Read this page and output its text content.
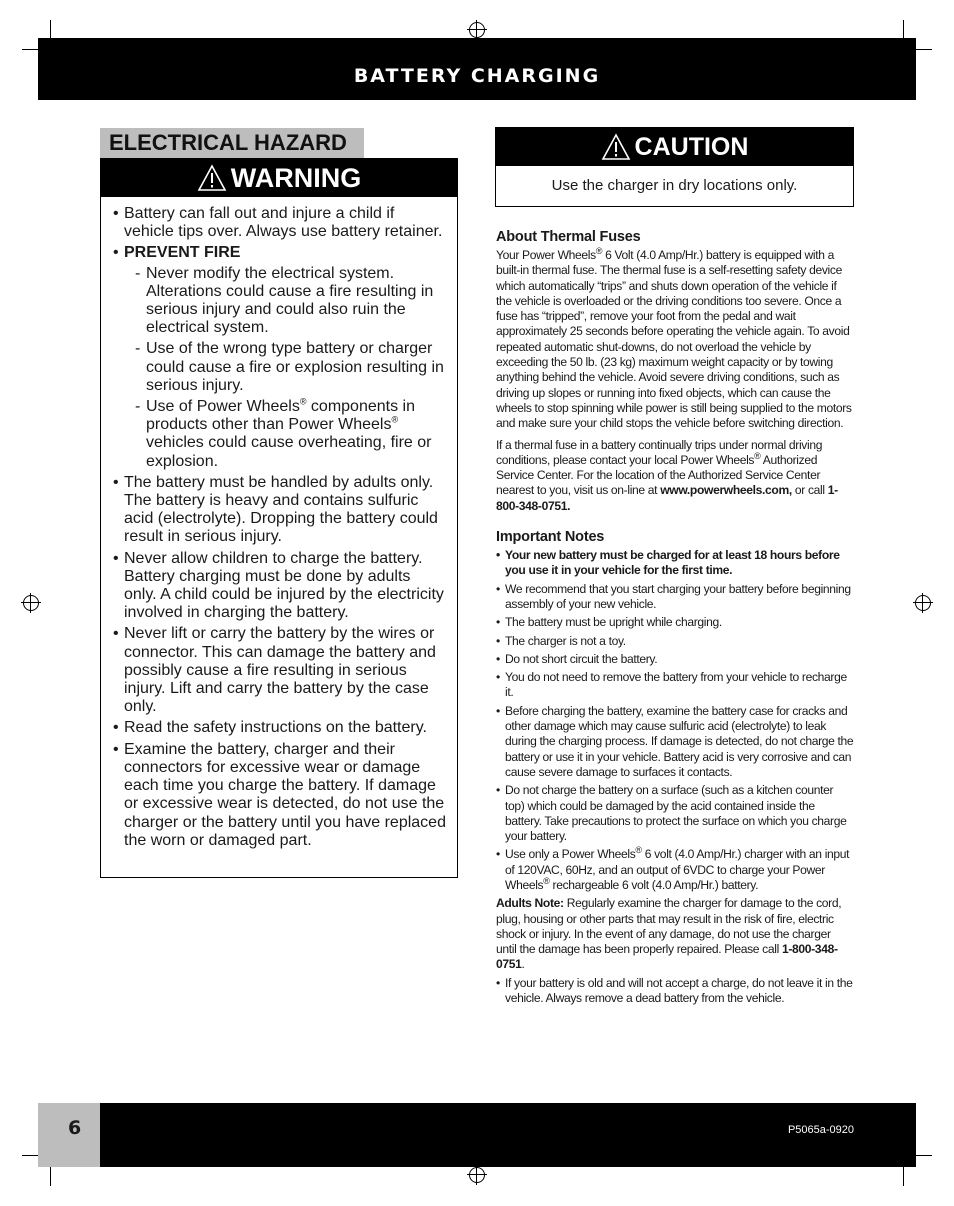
BATTERY CHARGING
ELECTRICAL HAZARD
WARNING
• Battery can fall out and injure a child if vehicle tips over. Always use battery retainer.
• PREVENT FIRE
- Never modify the electrical system. Alterations could cause a fire resulting in serious injury and could also ruin the electrical system.
- Use of the wrong type battery or charger could cause a fire or explosion resulting in serious injury.
- Use of Power Wheels® components in products other than Power Wheels® vehicles could cause overheating, fire or explosion.
• The battery must be handled by adults only. The battery is heavy and contains sulfuric acid (electrolyte). Dropping the battery could result in serious injury.
• Never allow children to charge the battery. Battery charging must be done by adults only. A child could be injured by the electricity involved in charging the battery.
• Never lift or carry the battery by the wires or connector. This can damage the battery and possibly cause a fire resulting in serious injury. Lift and carry the battery by the case only.
• Read the safety instructions on the battery.
• Examine the battery, charger and their connectors for excessive wear or damage each time you charge the battery. If damage or excessive wear is detected, do not use the charger or the battery until you have replaced the worn or damaged part.
CAUTION
Use the charger in dry locations only.
About Thermal Fuses

Your Power Wheels® 6 Volt (4.0 Amp/Hr.) battery is equipped with a built-in thermal fuse. The thermal fuse is a self-resetting safety device which automatically “trips” and shuts down operation of the vehicle if the vehicle is overloaded or the driving conditions too severe. Once a fuse has “tripped”, remove your foot from the pedal and wait approximately 25 seconds before operating the vehicle again. To avoid repeated automatic shut-downs, do not overload the vehicle by exceeding the 50 lb. (23 kg) maximum weight capacity or by towing anything behind the vehicle. Avoid severe driving conditions, such as driving up slopes or running into fixed objects, which can cause the wheels to stop spinning while power is still being supplied to the motors and make sure your child stops the vehicle before switching direction.

If a thermal fuse in a battery continually trips under normal driving conditions, please contact your local Power Wheels® Authorized Service Center. For the location of the Authorized Service Center nearest to you, visit us on-line at www.powerwheels.com, or call 1-800-348-0751.

Important Notes
• Your new battery must be charged for at least 18 hours before you use it in your vehicle for the first time.
• We recommend that you start charging your battery before beginning assembly of your new vehicle.
• The battery must be upright while charging.
• The charger is not a toy.
• Do not short circuit the battery.
• You do not need to remove the battery from your vehicle to recharge it.
• Before charging the battery, examine the battery case for cracks and other damage which may cause sulfuric acid (electrolyte) to leak during the charging process. If damage is detected, do not charge the battery or use it in your vehicle. Battery acid is very corrosive and can cause severe damage to surfaces it contacts.
• Do not charge the battery on a surface (such as a kitchen counter top) which could be damaged by the acid contained inside the battery. Take precautions to protect the surface on which you charge your battery.
• Use only a Power Wheels® 6 volt (4.0 Amp/Hr.) charger with an input of 120VAC, 60Hz, and an output of 6VDC to charge your Power Wheels® rechargeable 6 volt (4.0 Amp/Hr.) battery.

Adults Note: Regularly examine the charger for damage to the cord, plug, housing or other parts that may result in the risk of fire, electric shock or injury. In the event of any damage, do not use the charger until the damage has been properly repaired. Please call 1-800-348-0751.

• If your battery is old and will not accept a charge, do not leave it in the vehicle. Always remove a dead battery from the vehicle.
6	P5065a-0920
